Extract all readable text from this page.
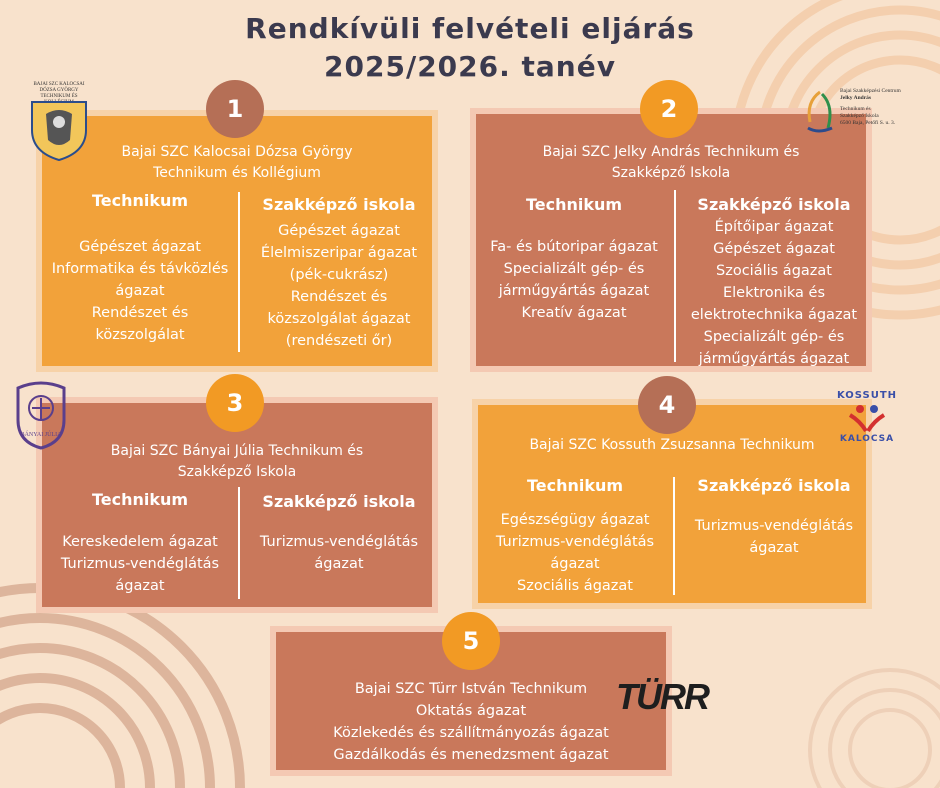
Rendkívüli felvételi eljárás
2025/2026. tanév
Bajai SZC Kalocsai Dózsa György
Technikum és Kollégium
Technikum
Gépészet ágazat
Informatika és távközlés
ágazat
Rendészet és
közszolgálat
Szakképző iskola
Gépészet ágazat
Élelmiszeripar ágazat
(pék-cukrász)
Rendészet és
közszolgálat ágazat
(rendészeti őr)
Bajai SZC Jelky András Technikum és
Szakképző Iskola
Technikum
Fa- és bútoripar ágazat
Specializált gép- és
járműgyártás ágazat
Kreatív ágazat
Szakképző iskola
Építőipar ágazat
Gépészet ágazat
Szociális ágazat
Elektronika és
elektrotechnika ágazat
Specializált gép- és
járműgyártás ágazat
Bajai SZC Bányai Júlia Technikum és
Szakképző Iskola
Technikum
Kereskedelem ágazat
Turizmus-vendéglátás
ágazat
Szakképző iskola
Turizmus-vendéglátás
ágazat
Bajai SZC Kossuth Zsuzsanna Technikum
Technikum
Egészségügy ágazat
Turizmus-vendéglátás
ágazat
Szociális ágazat
Szakképző iskola
Turizmus-vendéglátás
ágazat
Bajai SZC Türr István Technikum
Oktatás ágazat
Közlekedés és szállítmányozás ágazat
Gazdálkodás és menedzsment ágazat
1	2
3	4
5
BAJAI SZC KALOCSAI DÓZSA GYÖRGY TECHNIKUM ÉS
Bajai Szakképzési Centrum
Jelky András
Technikum és
Szakképző Iskola
6500 Baja, Petőfi S. u. 3.
BÁNYAI JÚLIA
KOSSUTH
KALOCSA
TÜRR
